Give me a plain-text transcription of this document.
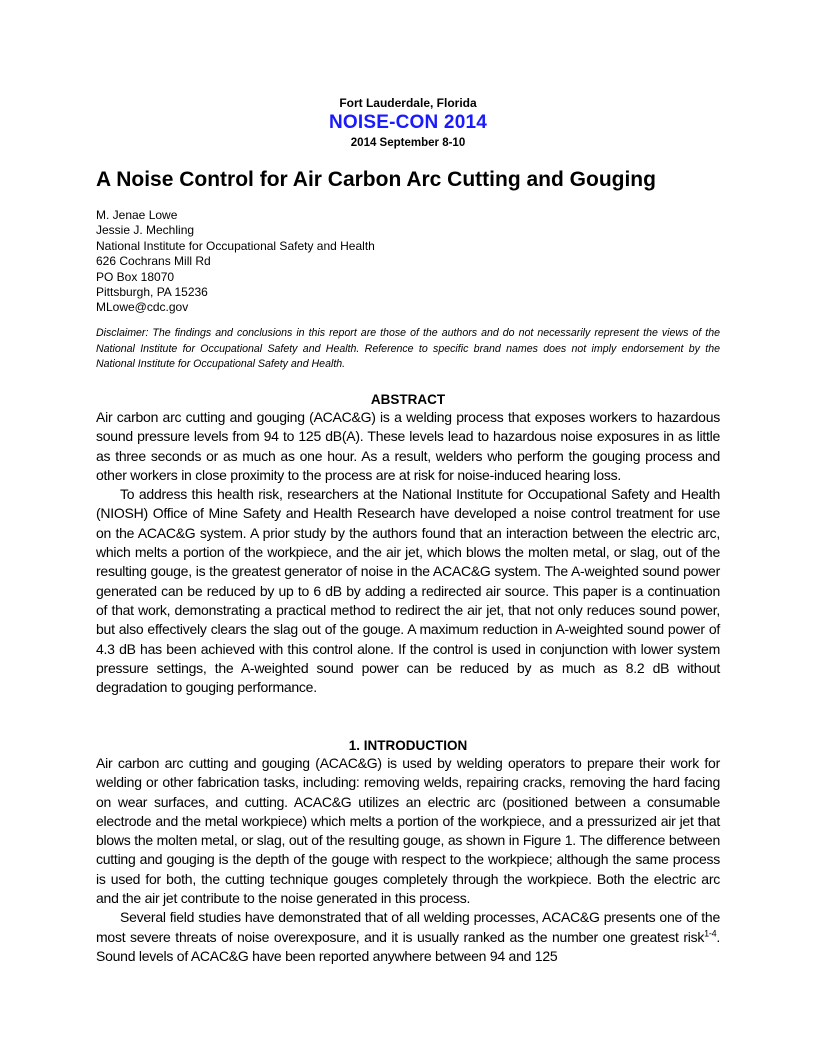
Fort Lauderdale, Florida
NOISE-CON 2014
2014 September 8-10
A Noise Control for Air Carbon Arc Cutting and Gouging
M. Jenae Lowe
Jessie J. Mechling
National Institute for Occupational Safety and Health
626 Cochrans Mill Rd
PO Box 18070
Pittsburgh, PA 15236
MLowe@cdc.gov
Disclaimer: The findings and conclusions in this report are those of the authors and do not necessarily represent the views of the National Institute for Occupational Safety and Health. Reference to specific brand names does not imply endorsement by the National Institute for Occupational Safety and Health.
ABSTRACT

Air carbon arc cutting and gouging (ACAC&G) is a welding process that exposes workers to hazardous sound pressure levels from 94 to 125 dB(A). These levels lead to hazardous noise exposures in as little as three seconds or as much as one hour. As a result, welders who perform the gouging process and other workers in close proximity to the process are at risk for noise-induced hearing loss.

To address this health risk, researchers at the National Institute for Occupational Safety and Health (NIOSH) Office of Mine Safety and Health Research have developed a noise control treatment for use on the ACAC&G system. A prior study by the authors found that an interaction between the electric arc, which melts a portion of the workpiece, and the air jet, which blows the molten metal, or slag, out of the resulting gouge, is the greatest generator of noise in the ACAC&G system. The A-weighted sound power generated can be reduced by up to 6 dB by adding a redirected air source. This paper is a continuation of that work, demonstrating a practical method to redirect the air jet, that not only reduces sound power, but also effectively clears the slag out of the gouge. A maximum reduction in A-weighted sound power of 4.3 dB has been achieved with this control alone. If the control is used in conjunction with lower system pressure settings, the A-weighted sound power can be reduced by as much as 8.2 dB without degradation to gouging performance.

1. INTRODUCTION

Air carbon arc cutting and gouging (ACAC&G) is used by welding operators to prepare their work for welding or other fabrication tasks, including: removing welds, repairing cracks, removing the hard facing on wear surfaces, and cutting. ACAC&G utilizes an electric arc (positioned between a consumable electrode and the metal workpiece) which melts a portion of the workpiece, and a pressurized air jet that blows the molten metal, or slag, out of the resulting gouge, as shown in Figure 1. The difference between cutting and gouging is the depth of the gouge with respect to the workpiece; although the same process is used for both, the cutting technique gouges completely through the workpiece. Both the electric arc and the air jet contribute to the noise generated in this process.

Several field studies have demonstrated that of all welding processes, ACAC&G presents one of the most severe threats of noise overexposure, and it is usually ranked as the number one greatest risk$^{1-4}$. Sound levels of ACAC&G have been reported anywhere between 94 and 125
